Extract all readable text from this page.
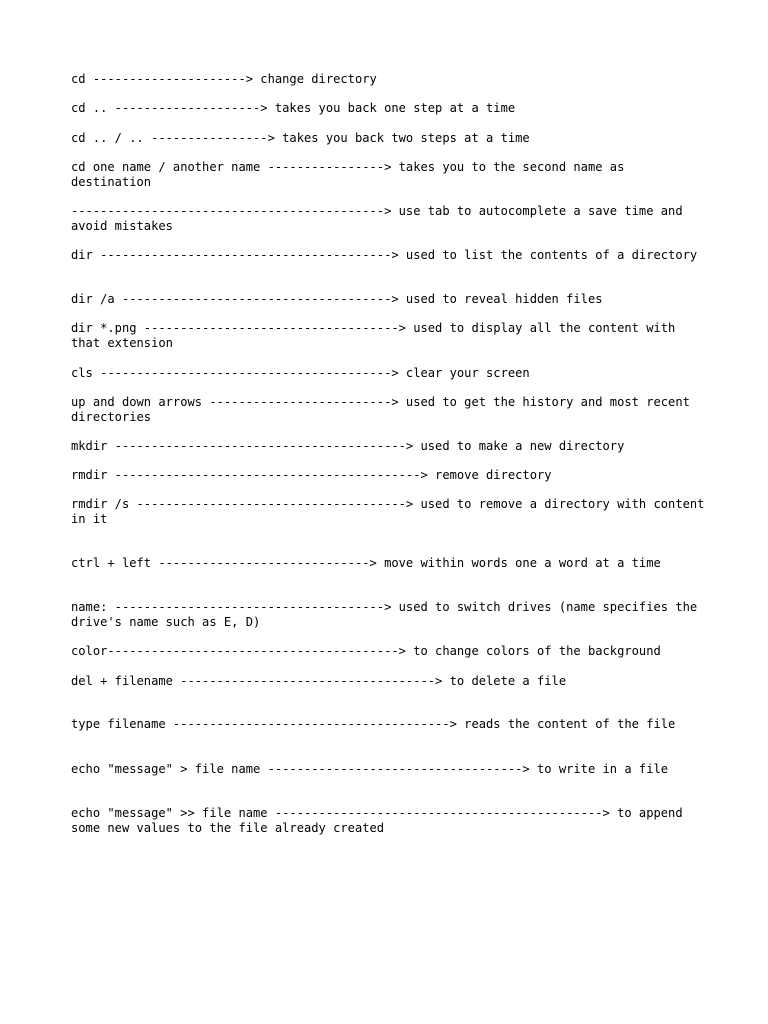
cd ---------------------> change directory

cd .. --------------------> takes you back one step at a time

cd .. / .. ----------------> takes you back two steps at a time

cd one name / another name ----------------> takes you to the second name as destination

-------------------------------------------> use tab to autocomplete a save time and avoid mistakes

dir ----------------------------------------> used to list the contents of a directory

dir /a -------------------------------------> used to reveal hidden files

dir *.png -----------------------------------> used to display all the content with that extension

cls ----------------------------------------> clear your screen

up and down arrows -------------------------> used to get the history and most recent directories

mkdir ----------------------------------------> used to make a new directory

rmdir ------------------------------------------> remove directory

rmdir /s -------------------------------------> used to remove a directory with content in it

ctrl + left -----------------------------> move within words one a word at a time

name: -------------------------------------> used to switch drives (name specifies the drive's name such as E, D)

color----------------------------------------> to change colors of the background

del + filename -----------------------------------> to delete a file

type filename --------------------------------------> reads the content of the file

echo "message" > file name -----------------------------------> to write in a file

echo "message" >> file name ---------------------------------------------> to append some new values to the file already created
